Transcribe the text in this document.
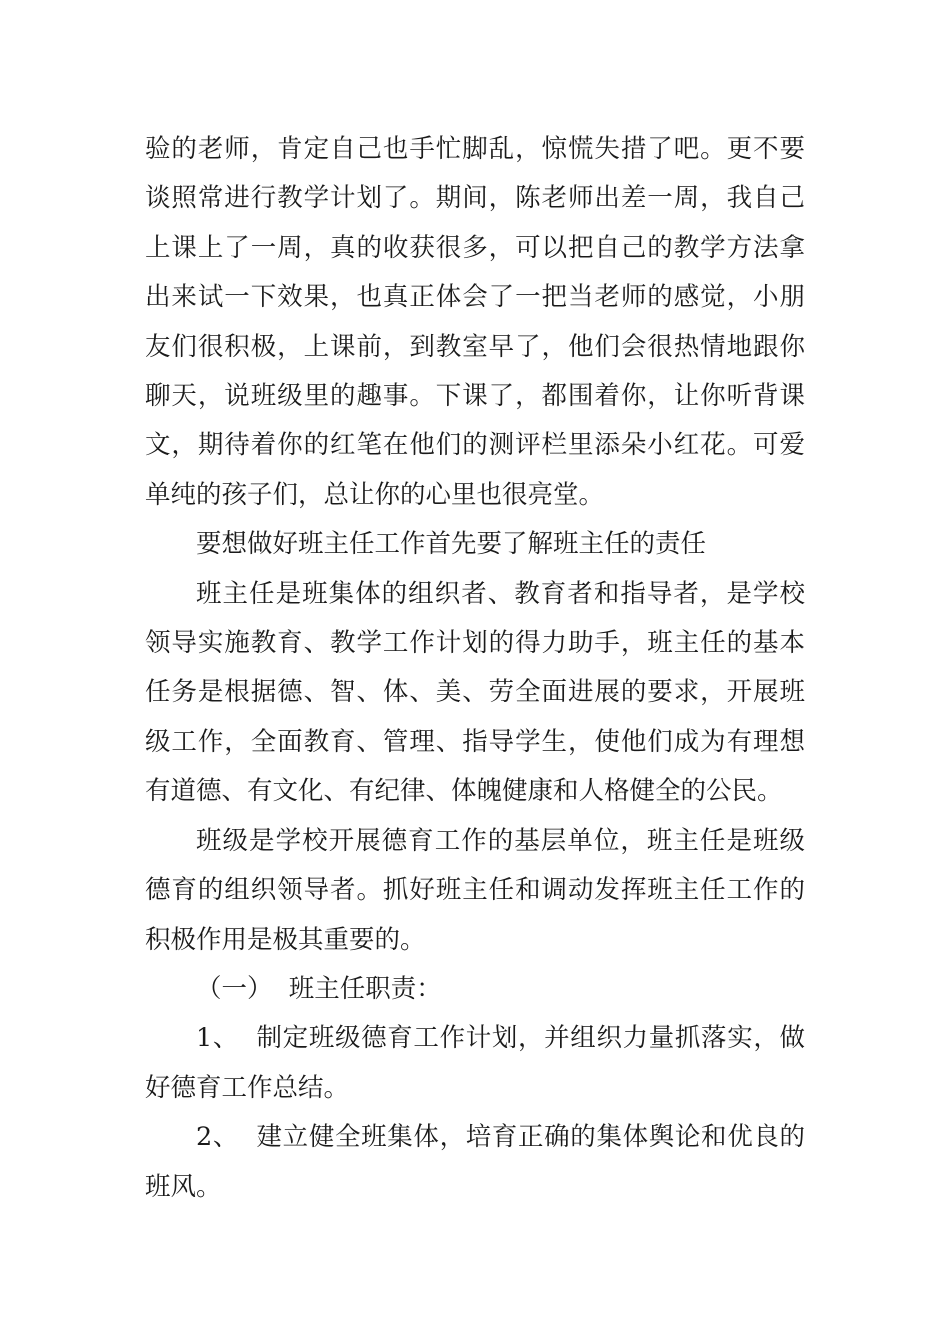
验的老师，肯定自己也手忙脚乱，惊慌失措了吧。更不要谈照常进行教学计划了。期间，陈老师出差一周，我自己上课上了一周，真的收获很多，可以把自己的教学方法拿出来试一下效果，也真正体会了一把当老师的感觉，小朋友们很积极，上课前，到教室早了，他们会很热情地跟你聊天，说班级里的趣事。下课了，都围着你，让你听背课文，期待着你的红笔在他们的测评栏里添朵小红花。可爱单纯的孩子们，总让你的心里也很亮堂。

要想做好班主任工作首先要了解班主任的责任

班主任是班集体的组织者、教育者和指导者，是学校领导实施教育、教学工作计划的得力助手，班主任的基本任务是根据德、智、体、美、劳全面进展的要求，开展班级工作，全面教育、管理、指导学生，使他们成为有理想有道德、有文化、有纪律、体魄健康和人格健全的公民。

班级是学校开展德育工作的基层单位，班主任是班级德育的组织领导者。抓好班主任和调动发挥班主任工作的积极作用是极其重要的。

（一）  班主任职责：

1、  制定班级德育工作计划，并组织力量抓落实，做好德育工作总结。

2、  建立健全班集体，培育正确的集体舆论和优良的班风。
